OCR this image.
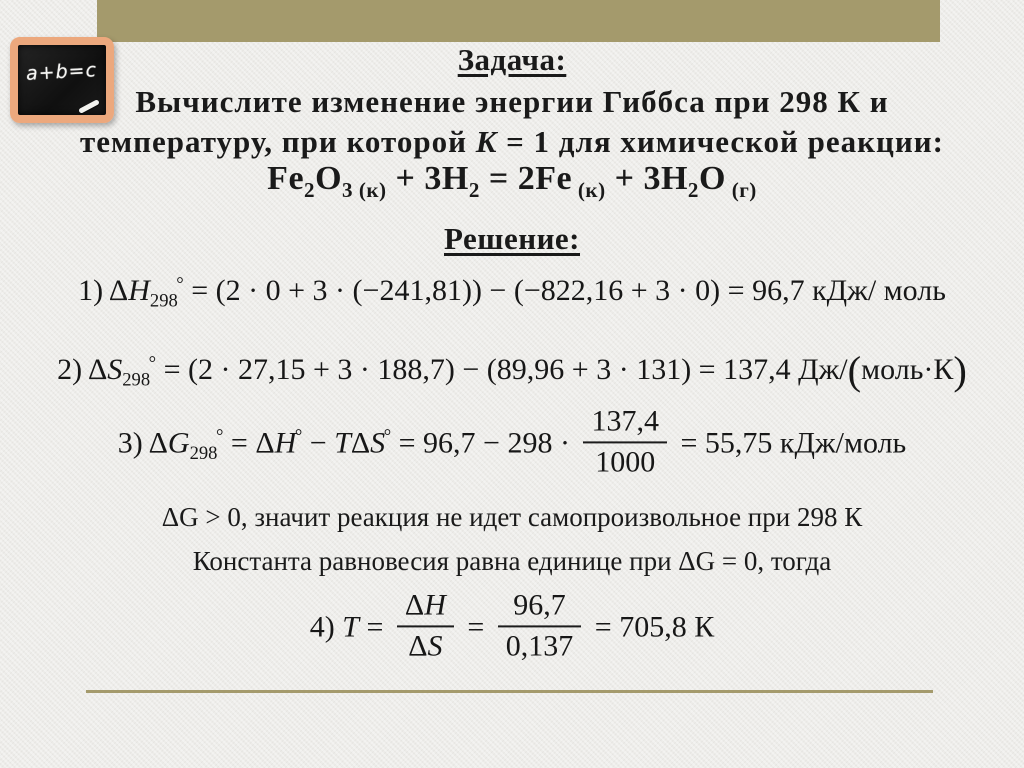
a+b=c	Задача:
Вычислите изменение энергии Гиббса при 298 К и
температуру, при которой K = 1 для химической реакции:
$Fe_2O_{3 (к)} + 3H_2 = 2Fe$ $_{(к)} + 3H_2O$ $_{(г)}$
Решение:
1) $\Delta H_{298}^\circ = (2 \cdot 0 + 3 \cdot (-241,81)) - (-822,16 + 3 \cdot 0) = 96,7$ кДж/ моль
2) $\Delta S_{298}^\circ = (2 \cdot 27,15 + 3 \cdot 188,7) - (89,96 + 3 \cdot 131) = 137,4$ Дж/(моль·К)
3) $\Delta G_{298}^\circ = \Delta H^\circ - T\Delta S^\circ = 96,7 - 298 \cdot \frac{137,4}{1000} = 55,75$ кДж/моль
ΔG > 0, значит реакция не идет самопроизвольное при 298 К
Константа равновесия равна единице при ΔG = 0, тогда
4) $T = \frac{\Delta H}{\Delta S} = \frac{96,7}{0,137} = 705,8$ К
